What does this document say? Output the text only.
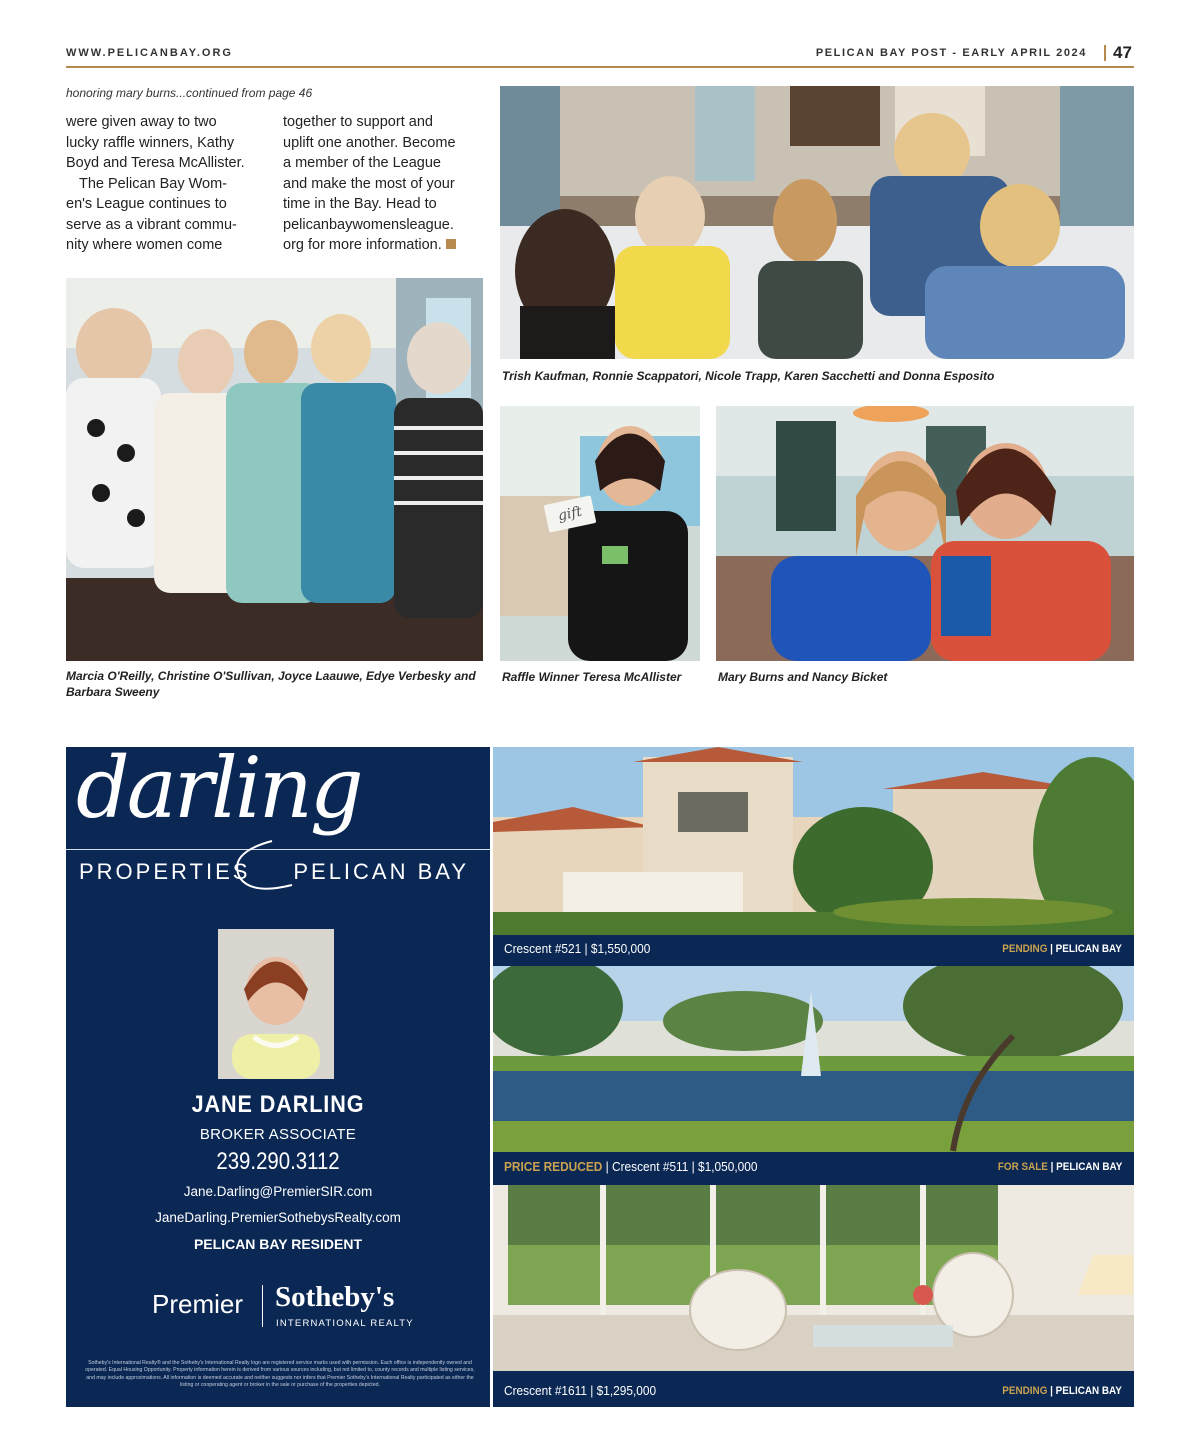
WWW.PELICANBAY.ORG	PELICAN BAY POST - EARLY APRIL 2024 47
honoring mary burns...continued from page 46

were given away to two

lucky raffle winners, Kathy

Boyd and Teresa McAllister.

The Pelican Bay Wom-

en's League continues to

serve as a vibrant commu-

nity where women come

together to support and

uplift one another. Become

a member of the League

and make the most of your

time in the Bay. Head to

pelicanbaywomensleague.

org for more information.

Trish Kaufman, Ronnie Scappatori, Nicole Trapp, Karen Sacchetti and Donna Esposito
Marcia O'Reilly, Christine O'Sullivan, Joyce Laauwe, Edye Verbesky and Barbara Sweeny
gift
Raffle Winner Teresa McAllister	Mary Burns and Nancy Bicket
darling
PROPERTIES PELICAN BAY
JANE DARLING
BROKER ASSOCIATE
239.290.3112
Jane.Darling@PremierSIR.com
JaneDarling.PremierSothebysRealty.com
PELICAN BAY RESIDENT
Premier Sotheby's
INTERNATIONAL REALTY
Sotheby's International Realty® and the Sotheby's International Realty logo are registered service marks used with permission. Each office is independently owned and operated. Equal Housing Opportunity. Property information herein is derived from various sources including, but not limited to, county records and multiple listing services, and may include approximations. All information is deemed accurate and neither suggests nor infers that Premier Sotheby's International Realty participated as either the listing or cooperating agent or broker in the sale or purchase of the properties depicted.
Crescent #521 | $1,550,000	PENDING | PELICAN BAY
PRICE REDUCED | Crescent #511 | $1,050,000	FOR SALE | PELICAN BAY
Crescent #1611 | $1,295,000	PENDING | PELICAN BAY
